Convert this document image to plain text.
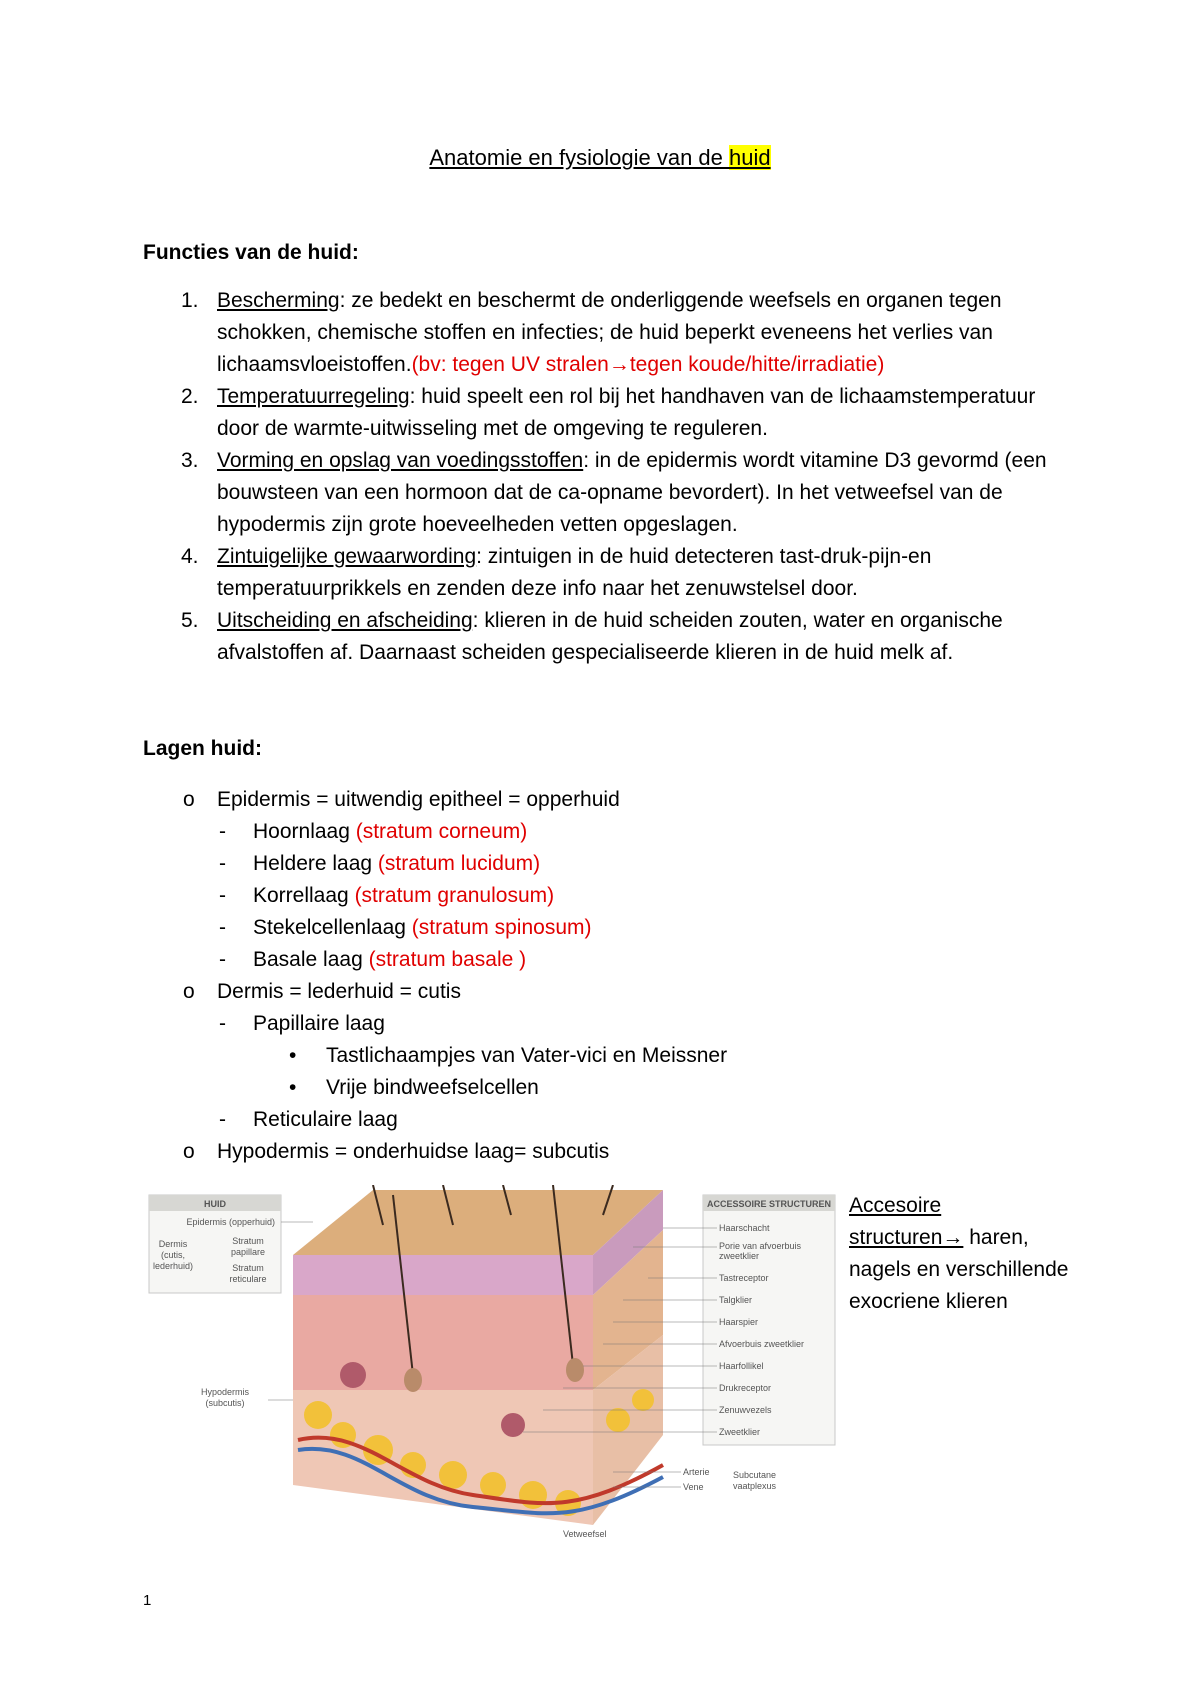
Anatomie en fysiologie van de huid
Functies van de huid:
1. Bescherming: ze bedekt en beschermt de onderliggende weefsels en organen tegen schokken, chemische stoffen en infecties; de huid beperkt eveneens het verlies van lichaamsvloeistoffen.(bv: tegen UV stralen→tegen koude/hitte/irradiatie)
2. Temperatuurregeling: huid speelt een rol bij het handhaven van de lichaamstemperatuur door de warmte-uitwisseling met de omgeving te reguleren.
3. Vorming en opslag van voedingsstoffen: in de epidermis wordt vitamine D3 gevormd (een bouwsteen van een hormoon dat de ca-opname bevordert). In het vetweefsel van de hypodermis zijn grote hoeveelheden vetten opgeslagen.
4. Zintuigelijke gewaarwording: zintuigen in de huid detecteren tast-druk-pijn-en temperatuurprikkels en zenden deze info naar het zenuwstelsel door.
5. Uitscheiding en afscheiding: klieren in de huid scheiden zouten, water en organische afvalstoffen af. Daarnaast scheiden gespecialiseerde klieren in de huid melk af.
Lagen huid:
o Epidermis = uitwendig epitheel = opperhuid
- Hoornlaag (stratum corneum)
- Heldere laag (stratum lucidum)
- Korrellaag (stratum granulosum)
- Stekelcellenlaag (stratum spinosum)
- Basale laag (stratum basale )
o Dermis = lederhuid = cutis
- Papillaire laag
• Tastlichaampjes van Vater-vici en Meissner
• Vrije bindweefselcellen
- Reticulaire laag
o Hypodermis = onderhuidse laag= subcutis
HUID
Epidermis (opperhuid)
Dermis
(cutis,
lederhuid)
Stratum
papillare
Stratum
reticulare
Hypodermis
(subcutis)
ACCESSOIRE STRUCTUREN
Haarschacht
Porie van afvoerbuis
zweetklier
Tastreceptor
Talgklier
Haarspier
Afvoerbuis zweetklier
Haarfollikel
Drukreceptor
Zenuwvezels
Zweetklier
Arterie
Vene
Subcutane
vaatplexus
Vetweefsel
Accesoire
structuren→ haren,
nagels en verschillende exocriene klieren
1
